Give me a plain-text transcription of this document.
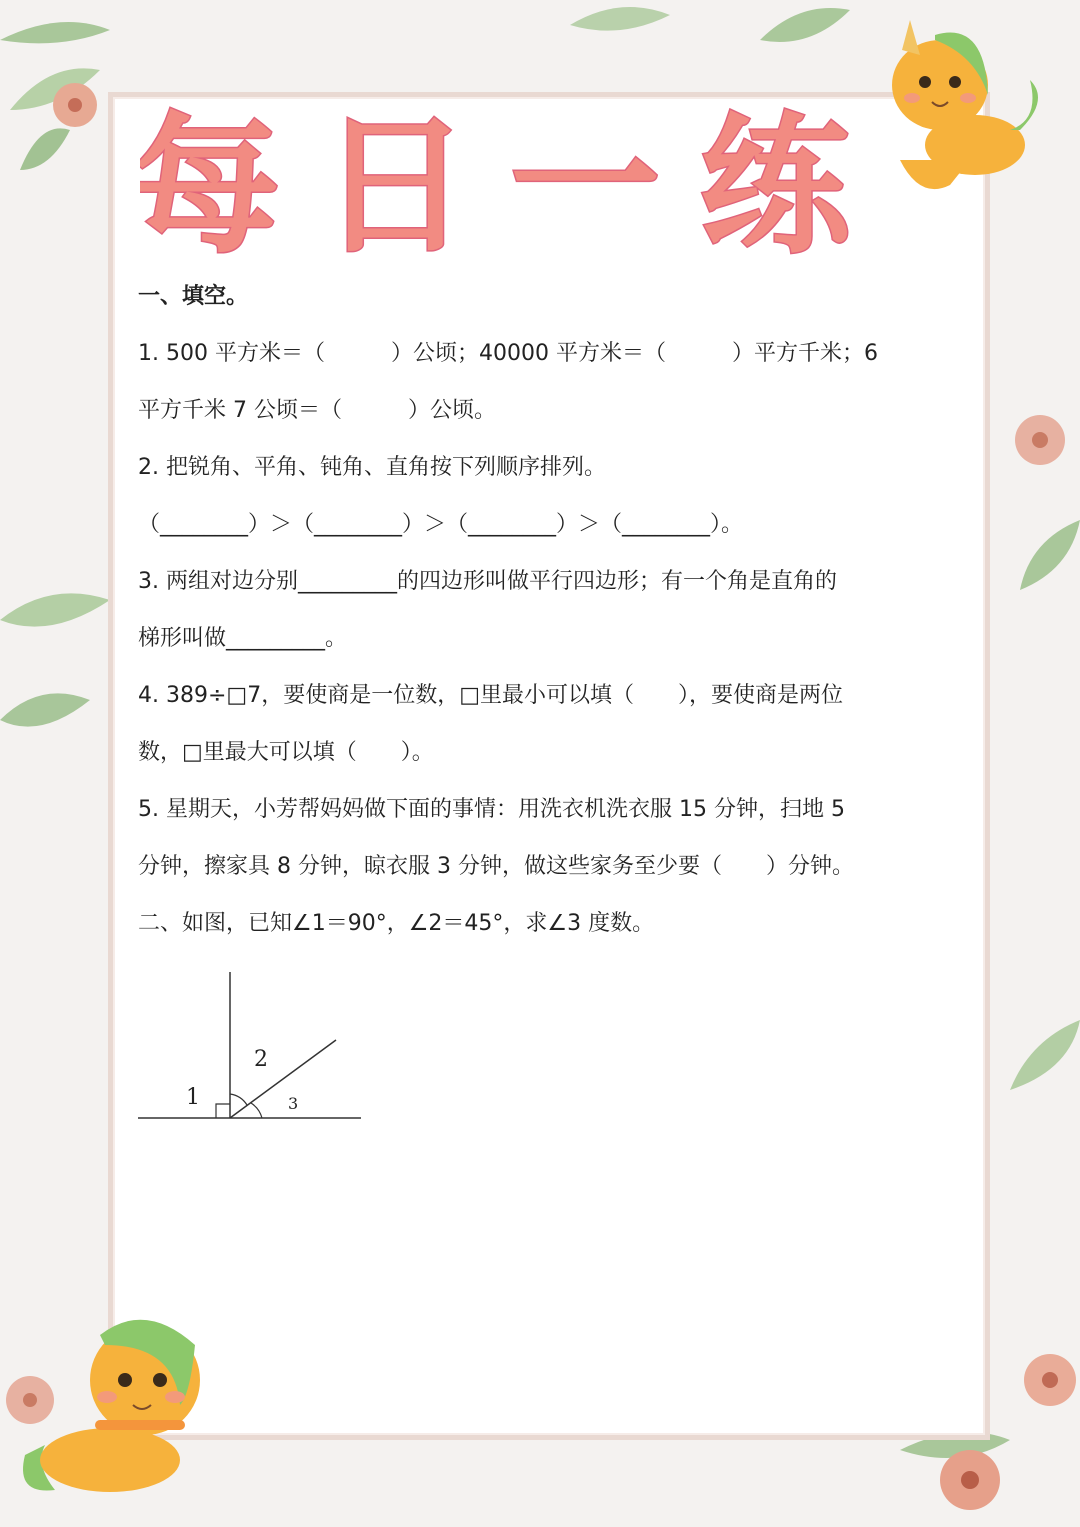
每日一练
一、填空。
1. 500 平方米＝（　　　）公顷；40000 平方米＝（　　　）平方千米；6
平方千米 7 公顷＝（　　　）公顷。
2. 把锐角、平角、钝角、直角按下列顺序排列。
（________）＞（________）＞（________）＞（________）。
3. 两组对边分别_________的四边形叫做平行四边形；有一个角是直角的
梯形叫做_________。
4. 389÷□7，要使商是一位数，□里最小可以填（　　），要使商是两位
数，□里最大可以填（　　）。
5. 星期天，小芳帮妈妈做下面的事情：用洗衣机洗衣服 15 分钟，扫地 5
分钟，擦家具 8 分钟，晾衣服 3 分钟，做这些家务至少要（　　）分钟。
二、如图，已知∠1＝90°，∠2＝45°，求∠3 度数。
1
2
3
